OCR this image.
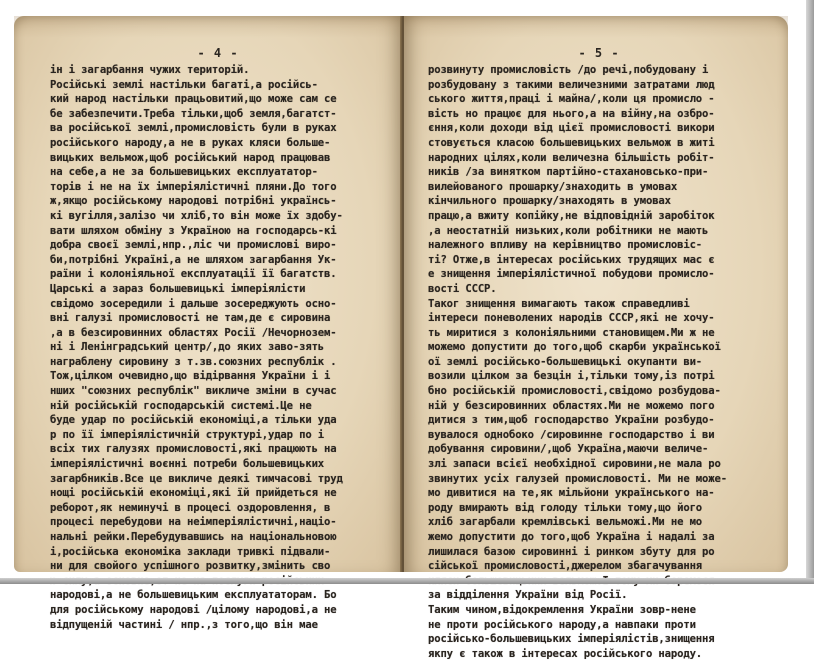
- 4 -
ін і загарбання чужих територій.
Російські землі настільки багаті,а російсь-
кий народ настільки працьовитий,що може сам се
бе забезпечити.Треба тільки,щоб земля,багатст-
ва російської землі,промисловість були в руках
російського народу,а не в руках кляси больше-
вицьких вельмож,щоб російський народ працював
на себе,а не за большевицьких експлуататор-
торів і не на їх імперіялістичні пляни.До того
ж,якщо російському народові потрібні українсь-
кі вугілля,залізо чи хліб,то він може їх здобу-
вати шляхом обміну з Україною на господарсь-кі
добра своєї землі,нпр.,ліс чи промислові виро-
би,потрібні Україні,а не шляхом загарбання Ук-
раїни і колоніяльної експлуатації її багатств.
Царські а зараз большевицькі імперіялісти
свідомо зосередили і дальше зосереджують осно-
вні галузі промисловості не там,де є сировина
,а в безсировинних областях Росії /Нечорнозем-
ні і Ленінградський центр/,до яких заво-зять
награблену сировину з т.зв.союзних республік .
Тож,цілком очевидно,що відірвання України і і
нших "союзних республік" викличе зміни в сучас
ній російській господарській системі.Це не
буде удар по російській економіці,а тільки уда
р по її імперіялістичній структурі,удар по і
всіх тих галузях промисловості,які працюють на
імперіялістичні воєнні потреби большевицьких
загарбників.Все це викличе деякі тимчасові труд
нощі російській економіці,які їй прийдеться не
реборот,як неминучі в процесі оздоровлення, в
процесі перебудови на неімперіялістичні,націо-
нальні рейки.Перебудувавшись на національновою
і,російська економіка заклади тривкі підвали-
ни для свойого успішного розвитку,змінить сво
народові,а не большевицьким експлуататорам. Бо
для російському народові /цілому народові,а не
відпущеній частині / нпр.,з того,що він мае
- 5 -
розвинуту промисловість /до речі,побудовану і
розбудовану з такими величезними затратами люд
ського життя,праці і майна/,коли ця промисло -
вість но працює для нього,а на війну,на озбро-
єння,коли доходи від цієї промисловості викори
стовується класою большевицьких вельмож в житі
народних цілях,коли величезна більшість робіт-
ників /за винятком партійно-стахановсько-при-
вилейованого прошарку/знаходить в умовах
кінчильного прошарку/знаходять в умовах
працю,а вжиту копійку,не відповідній заробіток
,а неостатній низьких,коли робітники не мають
належного впливу на керівництво промисловіс-
ті? Отже,в інтересах російських трудящих мас є
е знищення імперіялістичної побудови промисло-
вості СССР.
Таког знищення вимагають також справедливі
інтереси поневолених народів СССР,які не хочу-
ть миритися з колоніяльними становищем.Ми ж не
можемо допустити до того,щоб скарби української
ої землі російсько-большевицькі окупанти ви-
возили цілком за безцін і,тільки тому,із потрі
бно російській промисловості,свідомо розбудова-
ній у безсировинних областях.Ми не можемо пого
дитися з тим,щоб господарство України розбудо-
вувалося однобоко /сировинне господарство і ви
добування сировини/,щоб Україна,маючи величе-
злі запаси всієї необхідної сировини,не мала ро
звинутих усіх галузей промисловості. Ми не може-
мо дивитися на те,як мільйони українського на-
роду вмирають від голоду тільки тому,що його
хліб загарбали кремлівські вельможі.Ми не мо
жемо допустити до того,щоб Україна і надалі за
лишилася базою сировинні і ринком збуту для ро
сійської промисловості,джерелом збагачування
за відділення України від Росії.
Таким чином,відокремлення України зовр-нене
не проти російського народу,а навпаки проти
російсько-большевицьких імперіялістів,знищення
якпу є також в інтересах російського народу.
